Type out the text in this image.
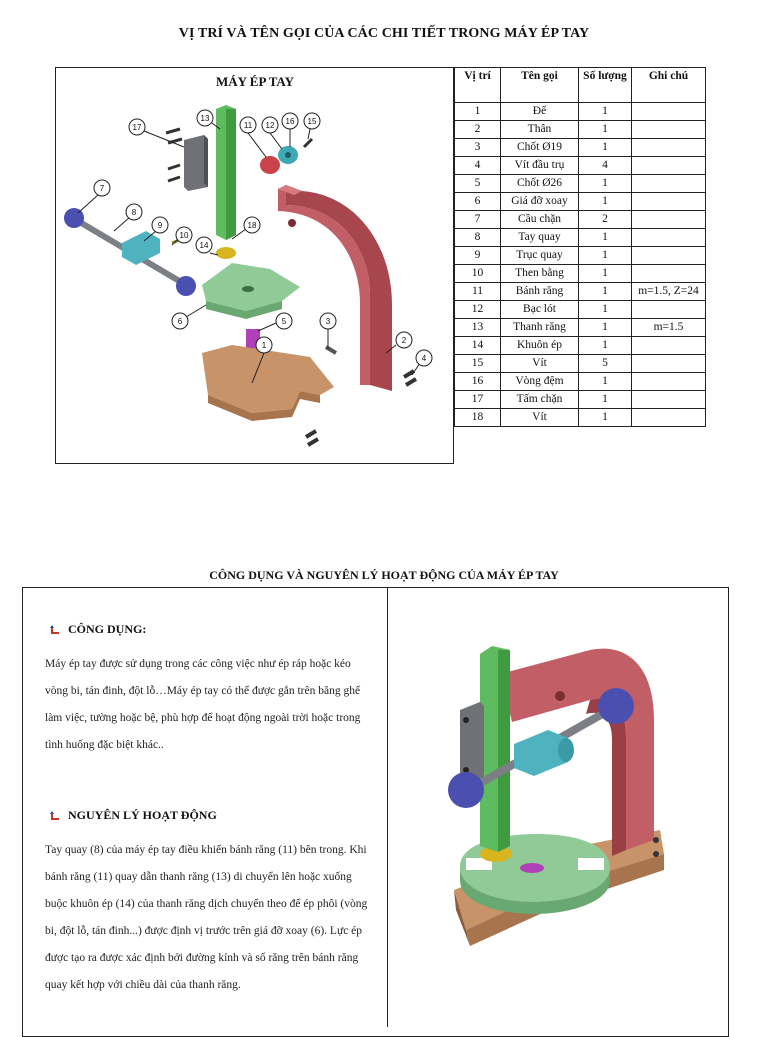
VỊ TRÍ VÀ TÊN GỌI CỦA CÁC CHI TIẾT TRONG MÁY ÉP TAY
MÁY ÉP TAY
1
2
3
4
5
6
7
8
9
10
11 12
13
14
15
16
17
18
Vị trí	Tên gọi	Số lượng	Ghi chú
1	Đế	1	
2	Thân	1	
3	Chốt Ø19	1	
4	Vít đầu trụ	4	
5	Chốt Ø26	1	
6	Giá đỡ xoay	1	
7	Cầu chặn	2	
8	Tay quay	1	
9	Trục quay	1	
10	Then bằng	1	
11	Bánh răng	1	m=1.5, Z=24
12	Bạc lót	1	
13	Thanh răng	1	m=1.5
14	Khuôn ép	1	
15	Vít	5	
16	Vòng đệm	1	
17	Tấm chặn	1	
18	Vít	1	
CÔNG DỤNG VÀ NGUYÊN LÝ HOẠT ĐỘNG CỦA MÁY ÉP TAY
CÔNG DỤNG:
Máy ép tay được sử dụng trong các công việc như ép ráp hoặc kéo
vòng bi, tán đinh, đột lỗ…Máy ép tay có thể được gắn trên băng ghế
làm việc, tường hoặc bệ, phù hợp để hoạt động ngoài trời hoặc trong
tình huống đặc biệt khác..
NGUYÊN LÝ HOẠT ĐỘNG
Tay quay (8) của máy ép tay điều khiển bánh răng (11) bên trong. Khi
bánh răng (11) quay dẫn thanh răng (13) di chuyển lên hoặc xuống
buộc khuôn ép (14) của thanh răng dịch chuyển theo để ép phôi (vòng
bi, đột lỗ, tán đinh...) được định vị trước trên giá đỡ xoay (6). Lực ép
được tạo ra được xác định bởi đường kính và số răng trên bánh răng
quay kết hợp với chiều dài của thanh răng.
